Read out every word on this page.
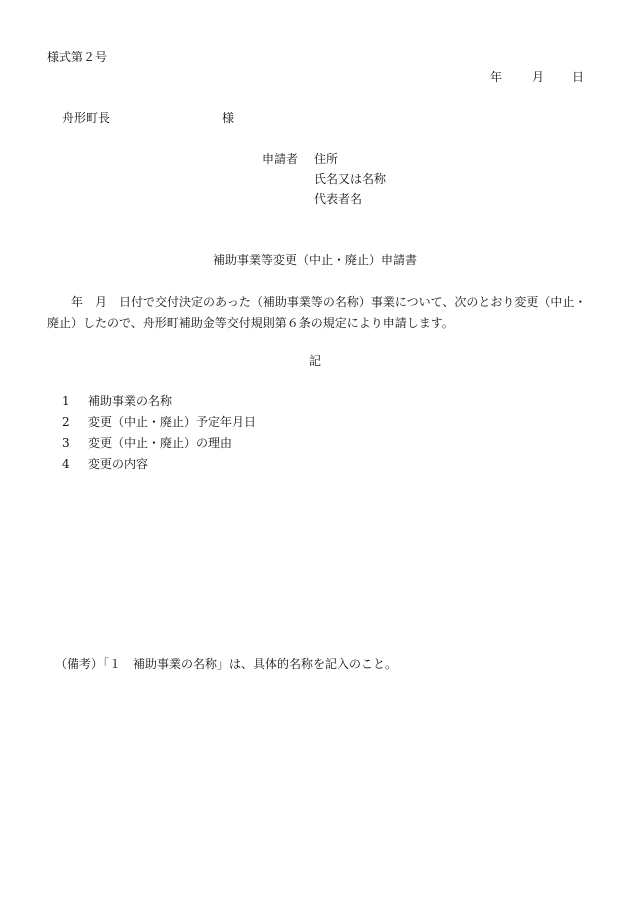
様式第２号
年 月 日
舟形町長	様
申請者 住所
氏名又は名称
代表者名
補助事業等変更（中止・廃止）申請書
年　月　日付で交付決定のあった（補助事業等の名称）事業について、次のとおり変更（中止・廃止）したので、舟形町補助金等交付規則第６条の規定により申請します。
記
1 補助事業の名称
2 変更（中止・廃止）予定年月日
3 変更（中止・廃止）の理由
4 変更の内容
（備考）「１　補助事業の名称」は、具体的名称を記入のこと。
